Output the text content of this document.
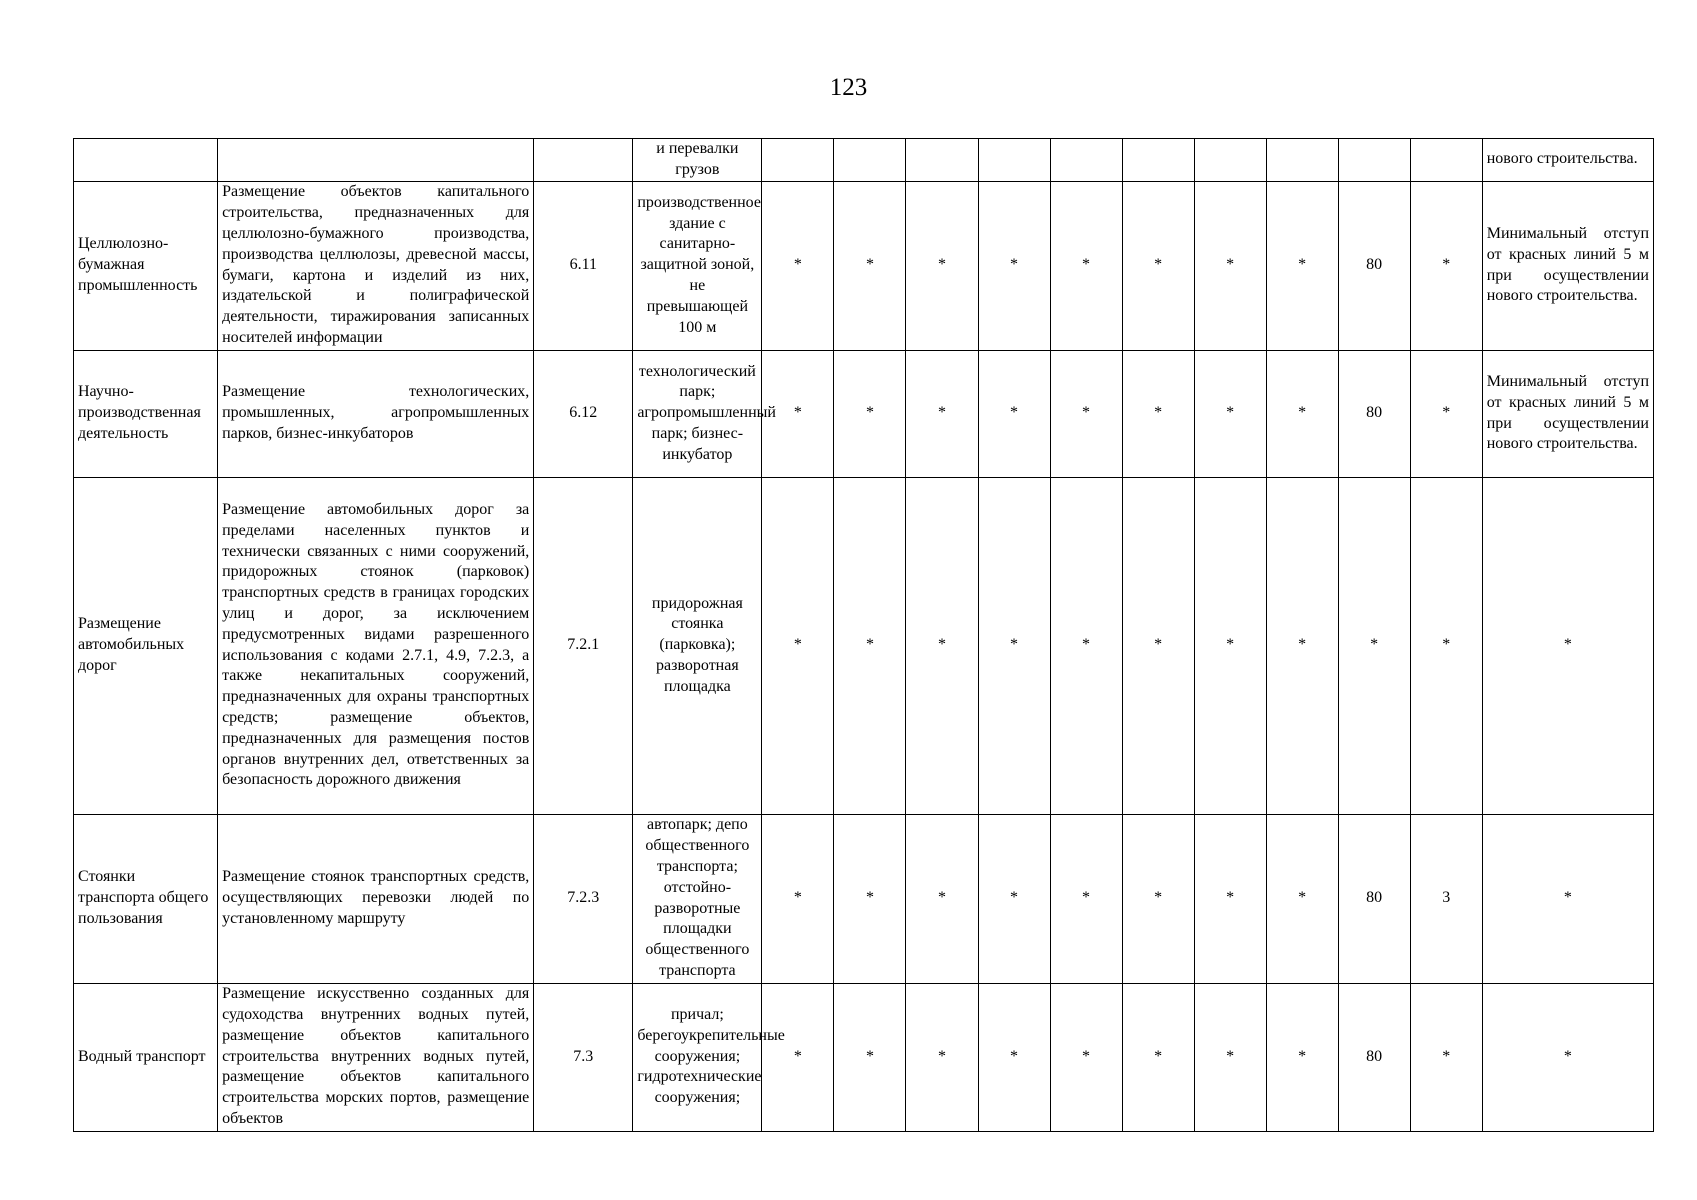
123
			и перевалки грузов											нового строительства.
Целлюлозно-бумажная промышленность	Размещение объектов капитального строительства, предназначенных для целлюлозно-бумажного производства, производства целлюлозы, древесной массы, бумаги, картона и изделий из них, издательской и полиграфической деятельности, тиражирования записанных носителей информации	6.11	производственное здание с санитарно-защитной зоной, не превышающей 100 м	*	*	*	*	*	*	*	*	80	*	Минимальный отступ от красных линий 5 м при осуществлении нового строительства.
Научно-производственная деятельность	Размещение технологических, промышленных, агропромышленных парков, бизнес-инкубаторов	6.12	технологический парк; агропромышленный парк; бизнес-инкубатор	*	*	*	*	*	*	*	*	80	*	Минимальный отступ от красных линий 5 м при осуществлении нового строительства.
Размещение автомобильных дорог	Размещение автомобильных дорог за пределами населенных пунктов и технически связанных с ними сооружений, придорожных стоянок (парковок) транспортных средств в границах городских улиц и дорог, за исключением предусмотренных видами разрешенного использования с кодами 2.7.1, 4.9, 7.2.3, а также некапитальных сооружений, предназначенных для охраны транспортных средств; размещение объектов, предназначенных для размещения постов органов внутренних дел, ответственных за безопасность дорожного движения	7.2.1	придорожная стоянка (парковка); разворотная площадка	*	*	*	*	*	*	*	*	*	*	*
Стоянки транспорта общего пользования	Размещение стоянок транспортных средств, осуществляющих перевозки людей по установленному маршруту	7.2.3	автопарк; депо общественного транспорта; отстойно-разворотные площадки общественного транспорта	*	*	*	*	*	*	*	*	80	3	*
Водный транспорт	Размещение искусственно созданных для судоходства внутренних водных путей, размещение объектов капитального строительства внутренних водных путей, размещение объектов капитального строительства морских портов, размещение объектов	7.3	причал; берегоукрепительные сооружения; гидротехнические сооружения;	*	*	*	*	*	*	*	*	80	*	*
